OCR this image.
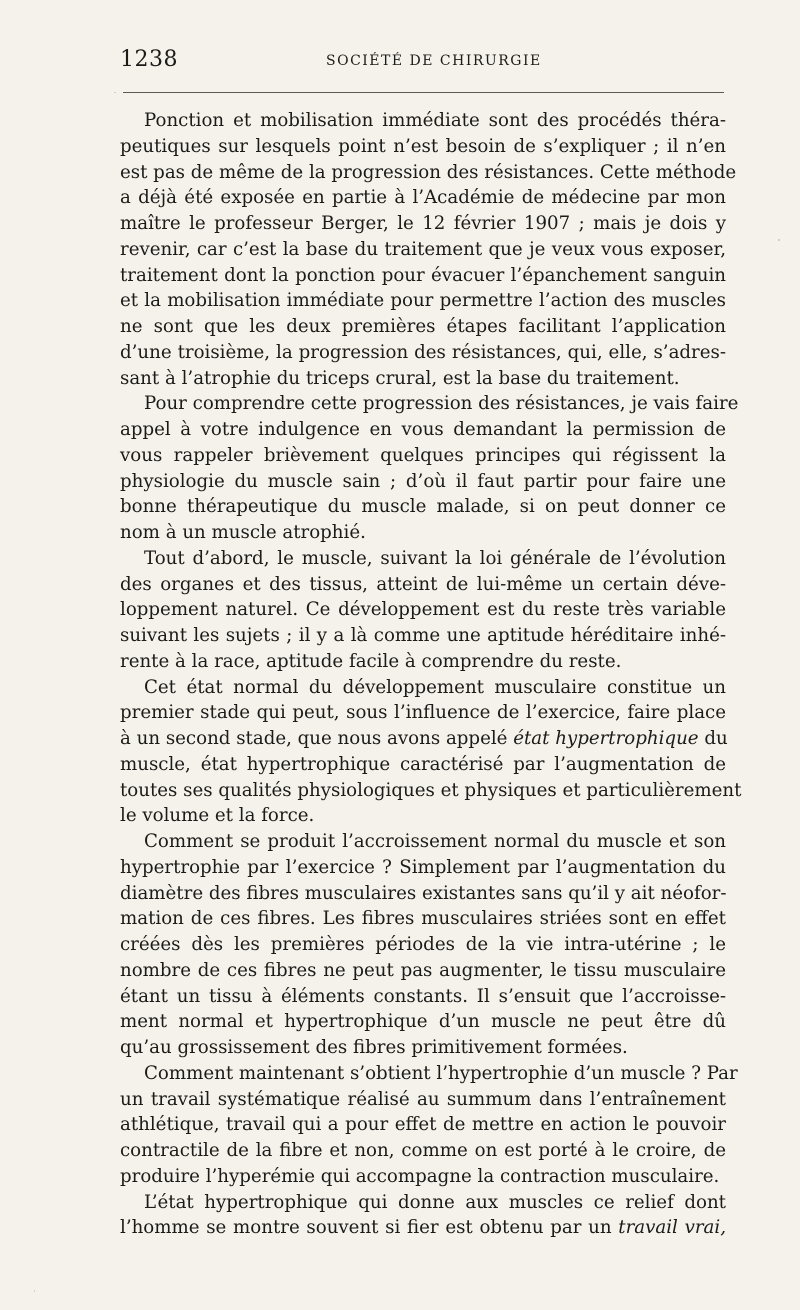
1238	SOCIÉTÉ DE CHIRURGIE
Ponction et mobilisation immédiate sont des procédés théra-
peutiques sur lesquels point n’est besoin de s’expliquer ; il n’en
est pas de même de la progression des résistances. Cette méthode
a déjà été exposée en partie à l’Académie de médecine par mon
maître le professeur Berger, le 12 février 1907 ; mais je dois y
revenir, car c’est la base du traitement que je veux vous exposer,
traitement dont la ponction pour évacuer l’épanchement sanguin
et la mobilisation immédiate pour permettre l’action des muscles
ne sont que les deux premières étapes facilitant l’application
d’une troisième, la progression des résistances, qui, elle, s’adres-
sant à l’atrophie du triceps crural, est la base du traitement.
Pour comprendre cette progression des résistances, je vais faire
appel à votre indulgence en vous demandant la permission de
vous rappeler brièvement quelques principes qui régissent la
physiologie du muscle sain ; d’où il faut partir pour faire une
bonne thérapeutique du muscle malade, si on peut donner ce
nom à un muscle atrophié.
Tout d’abord, le muscle, suivant la loi générale de l’évolution
des organes et des tissus, atteint de lui-même un certain déve-
loppement naturel. Ce développement est du reste très variable
suivant les sujets ; il y a là comme une aptitude héréditaire inhé-
rente à la race, aptitude facile à comprendre du reste.
Cet état normal du développement musculaire constitue un
premier stade qui peut, sous l’influence de l’exercice, faire place
à un second stade, que nous avons appelé état hypertrophique du
muscle, état hypertrophique caractérisé par l’augmentation de
toutes ses qualités physiologiques et physiques et particulièrement
le volume et la force.
Comment se produit l’accroissement normal du muscle et son
hypertrophie par l’exercice ? Simplement par l’augmentation du
diamètre des fibres musculaires existantes sans qu’il y ait néofor-
mation de ces fibres. Les fibres musculaires striées sont en effet
créées dès les premières périodes de la vie intra-utérine ; le
nombre de ces fibres ne peut pas augmenter, le tissu musculaire
étant un tissu à éléments constants. Il s’ensuit que l’accroisse-
ment normal et hypertrophique d’un muscle ne peut être dû
qu’au grossissement des fibres primitivement formées.
Comment maintenant s’obtient l’hypertrophie d’un muscle ? Par
un travail systématique réalisé au summum dans l’entraînement
athlétique, travail qui a pour effet de mettre en action le pouvoir
contractile de la fibre et non, comme on est porté à le croire, de
produire l’hyperémie qui accompagne la contraction musculaire.
L’état hypertrophique qui donne aux muscles ce relief dont
l’homme se montre souvent si fier est obtenu par un travail vrai,
